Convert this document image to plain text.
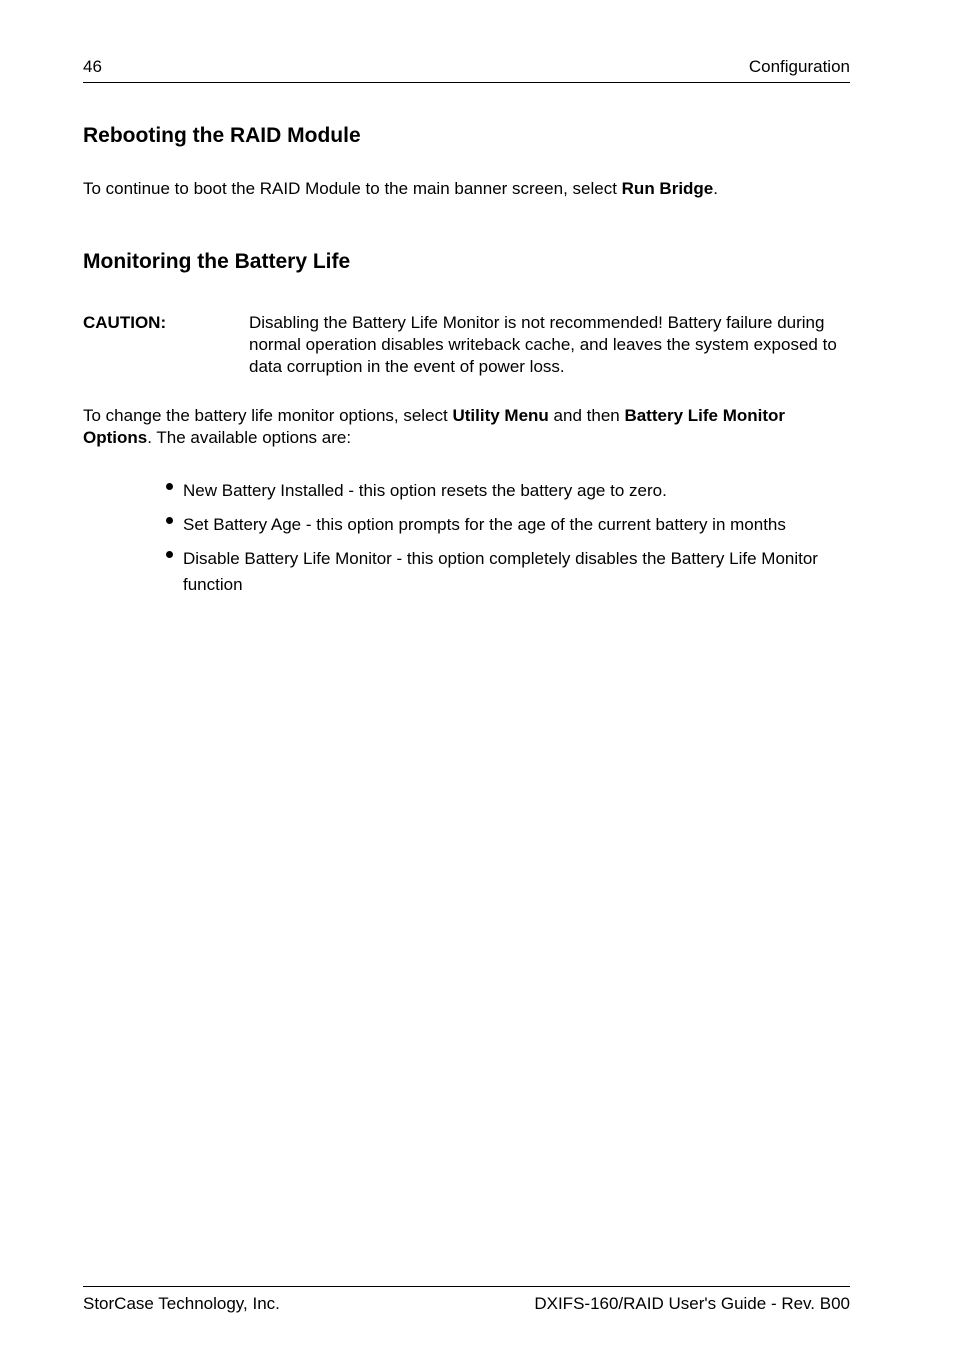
46	Configuration
Rebooting the RAID Module

To continue to boot the RAID Module to the main banner screen, select Run Bridge.

Monitoring the Battery Life
CAUTION:	Disabling the Battery Life Monitor is not recommended! Battery failure during normal operation disables writeback cache, and leaves the system exposed to data corruption in the event of power loss.

To change the battery life monitor options, select Utility Menu and then Battery Life Monitor Options. The available options are:

New Battery Installed - this option resets the battery age to zero.
Set Battery Age - this option prompts for the age of the current battery in months
Disable Battery Life Monitor - this option completely disables the Battery Life Monitor function
StorCase Technology, Inc.	DXIFS-160/RAID User's Guide - Rev. B00
